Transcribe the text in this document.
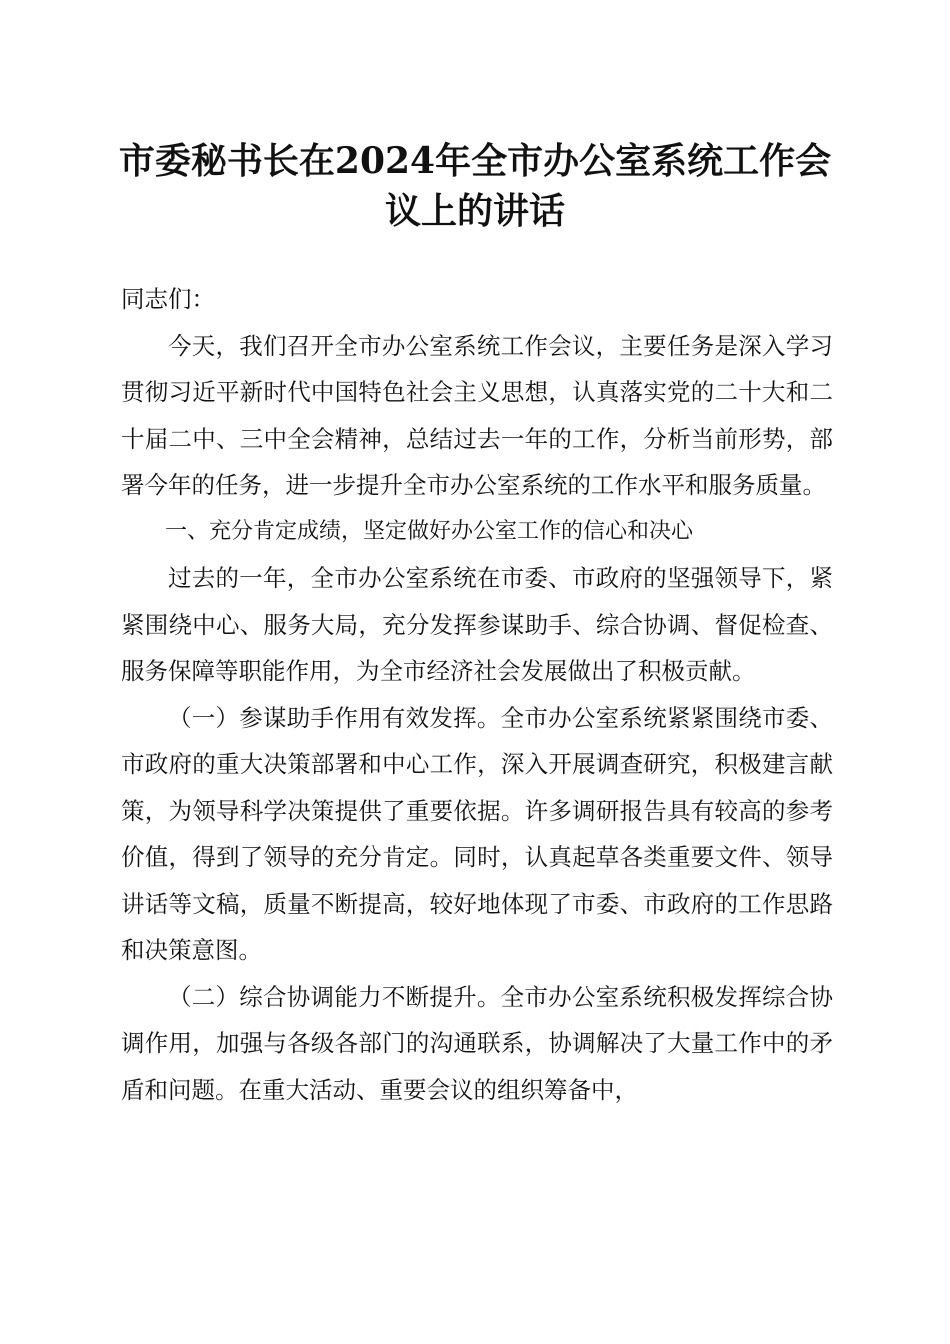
市委秘书长在2024年全市办公室系统工作会
议上的讲话

同志们：

今天，我们召开全市办公室系统工作会议，主要任务是深入学习贯彻习近平新时代中国特色社会主义思想，认真落实党的二十大和二十届二中、三中全会精神，总结过去一年的工作，分析当前形势，部署今年的任务，进一步提升全市办公室系统的工作水平和服务质量。

一、充分肯定成绩，坚定做好办公室工作的信心和决心

过去的一年，全市办公室系统在市委、市政府的坚强领导下，紧紧围绕中心、服务大局，充分发挥参谋助手、综合协调、督促检查、服务保障等职能作用，为全市经济社会发展做出了积极贡献。

（一）参谋助手作用有效发挥。全市办公室系统紧紧围绕市委、市政府的重大决策部署和中心工作，深入开展调查研究，积极建言献策，为领导科学决策提供了重要依据。许多调研报告具有较高的参考价值，得到了领导的充分肯定。同时，认真起草各类重要文件、领导讲话等文稿，质量不断提高，较好地体现了市委、市政府的工作思路和决策意图。

（二）综合协调能力不断提升。全市办公室系统积极发挥综合协调作用，加强与各级各部门的沟通联系，协调解决了大量工作中的矛盾和问题。在重大活动、重要会议的组织筹备中，
